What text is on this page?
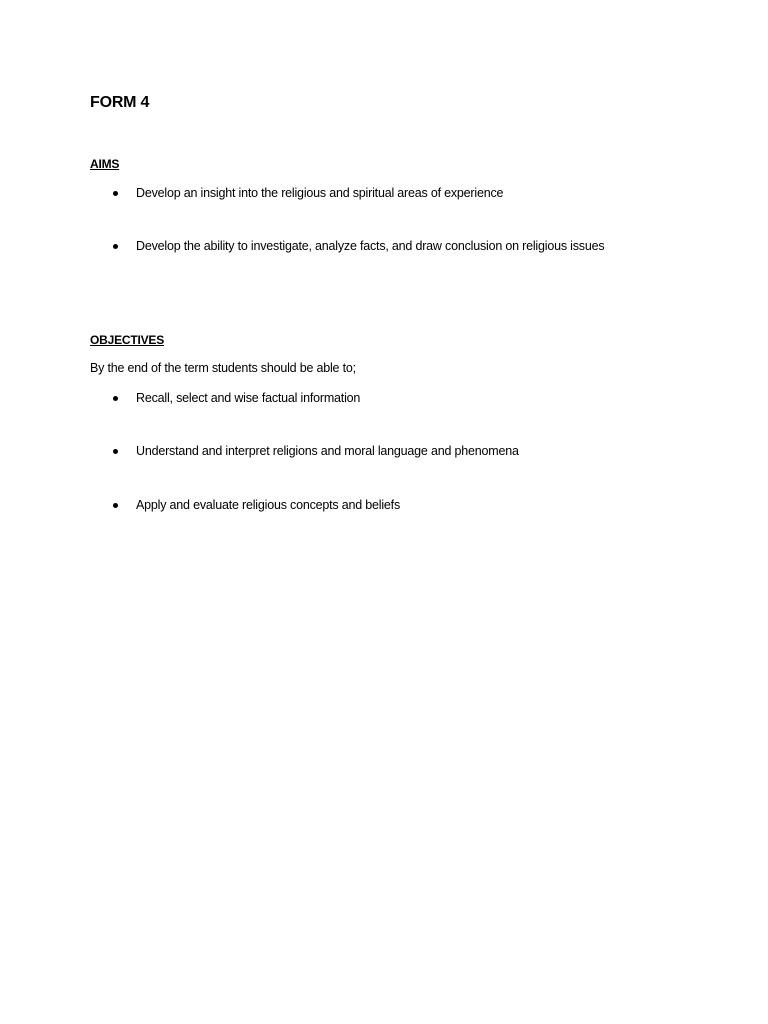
FORM 4
AIMS
Develop an insight into the religious and spiritual areas of experience
Develop the ability to investigate, analyze facts, and draw conclusion on religious issues
OBJECTIVES
By the end of the term students should be able to;
Recall, select and wise factual information
Understand and interpret religions and moral language and phenomena
Apply and evaluate religious concepts and beliefs
